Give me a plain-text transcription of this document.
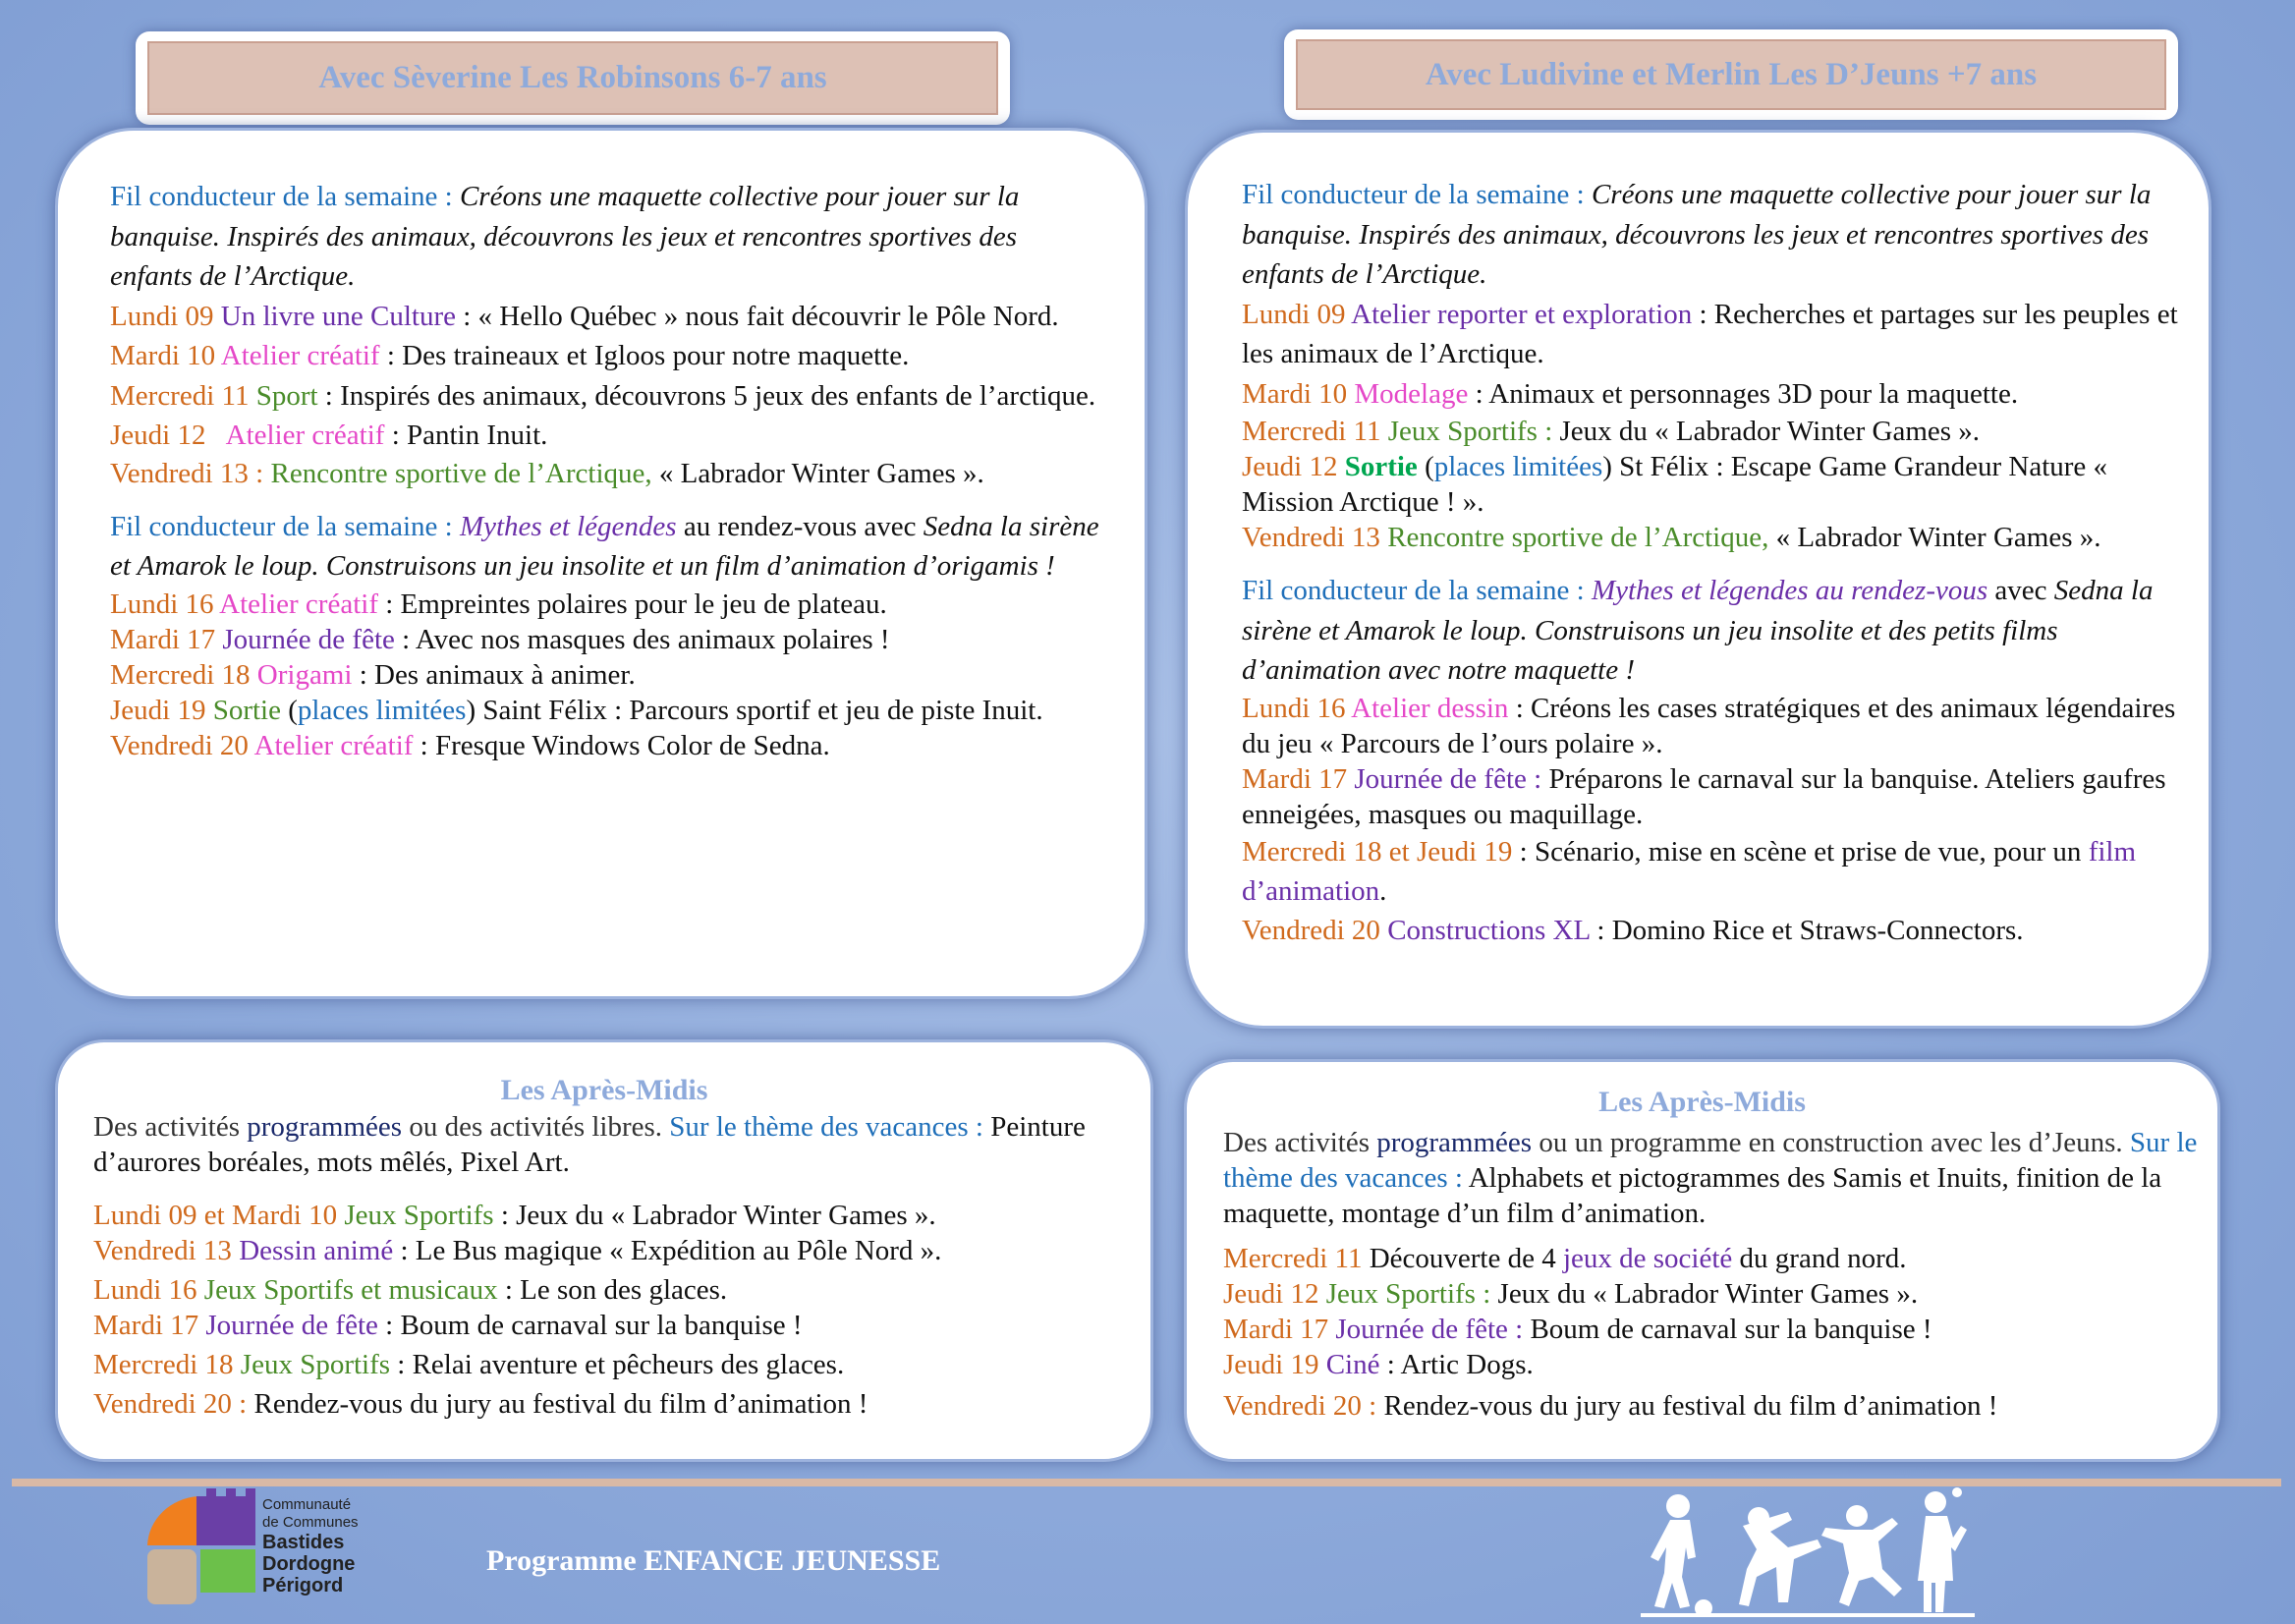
Avec Sèverine Les Robinsons 6-7 ans	Avec Ludivine et Merlin Les D’Jeuns +7 ans

Fil conducteur de la semaine : Créons une maquette collective pour jouer sur la banquise. Inspirés des animaux, découvrons les jeux et rencontres sportives des enfants de l’Arctique.

Lundi 09 Un livre une Culture : « Hello Québec » nous fait découvrir le Pôle Nord.

Mardi 10 Atelier créatif : Des traineaux et Igloos pour notre maquette.

Mercredi 11 Sport : Inspirés des animaux, découvrons 5 jeux des enfants de l’arctique.

Jeudi 12   Atelier créatif : Pantin Inuit.

Vendredi 13 : Rencontre sportive de l’Arctique, « Labrador Winter Games ».

Fil conducteur de la semaine : Mythes et légendes au rendez-vous avec Sedna la sirène et Amarok le loup. Construisons un jeu insolite et un film d’animation d’origamis !

Lundi 16 Atelier créatif : Empreintes polaires pour le jeu de plateau.

Mardi 17 Journée de fête : Avec nos masques des animaux polaires !

Mercredi 18 Origami : Des animaux à animer.

Jeudi 19 Sortie (places limitées) Saint Félix : Parcours sportif et jeu de piste Inuit.

Vendredi 20 Atelier créatif : Fresque Windows Color de Sedna.

Fil conducteur de la semaine : Créons une maquette collective pour jouer sur la banquise. Inspirés des animaux, découvrons les jeux et rencontres sportives des enfants de l’Arctique.

Lundi 09 Atelier reporter et exploration : Recherches et partages sur les peuples et les animaux de l’Arctique.

Mardi 10 Modelage : Animaux et personnages 3D pour la maquette.

Mercredi 11 Jeux Sportifs : Jeux du « Labrador Winter Games ».

Jeudi 12 Sortie (places limitées) St Félix : Escape Game Grandeur Nature « Mission Arctique ! ».

Vendredi 13 Rencontre sportive de l’Arctique, « Labrador Winter Games ».

Fil conducteur de la semaine : Mythes et légendes au rendez-vous avec Sedna la sirène et Amarok le loup. Construisons un jeu insolite et des petits films d’animation avec notre maquette !

Lundi 16 Atelier dessin : Créons les cases stratégiques et des animaux légendaires du jeu « Parcours de l’ours polaire ».

Mardi 17 Journée de fête : Préparons le carnaval sur la banquise. Ateliers gaufres enneigées, masques ou maquillage.

Mercredi 18 et Jeudi 19 : Scénario, mise en scène et prise de vue, pour un film d’animation.

Vendredi 20 Constructions XL : Domino Rice et Straws-Connectors.

Les Après-Midis

Des activités programmées ou des activités libres. Sur le thème des vacances : Peinture d’aurores boréales, mots mêlés, Pixel Art.

Lundi 09 et Mardi 10 Jeux Sportifs : Jeux du « Labrador Winter Games ».

Vendredi 13 Dessin animé : Le Bus magique « Expédition au Pôle Nord ».

Lundi 16 Jeux Sportifs et musicaux : Le son des glaces.

Mardi 17 Journée de fête : Boum de carnaval sur la banquise !

Mercredi 18 Jeux Sportifs : Relai aventure et pêcheurs des glaces.

Vendredi 20 : Rendez-vous du jury au festival du film d’animation !

Les Après-Midis

Des activités programmées ou un programme en construction avec les d’Jeuns. Sur le thème des vacances : Alphabets et pictogrammes des Samis et Inuits, finition de la maquette, montage d’un film d’animation.

Mercredi 11 Découverte de 4 jeux de société du grand nord.

Jeudi 12 Jeux Sportifs : Jeux du « Labrador Winter Games ».

Mardi 17 Journée de fête : Boum de carnaval sur la banquise !

Jeudi 19 Ciné : Artic Dogs.

Vendredi 20 : Rendez-vous du jury au festival du film d’animation !

Communauté
de Communes
Bastides
Dordogne
Périgord
Programme ENFANCE JEUNESSE
